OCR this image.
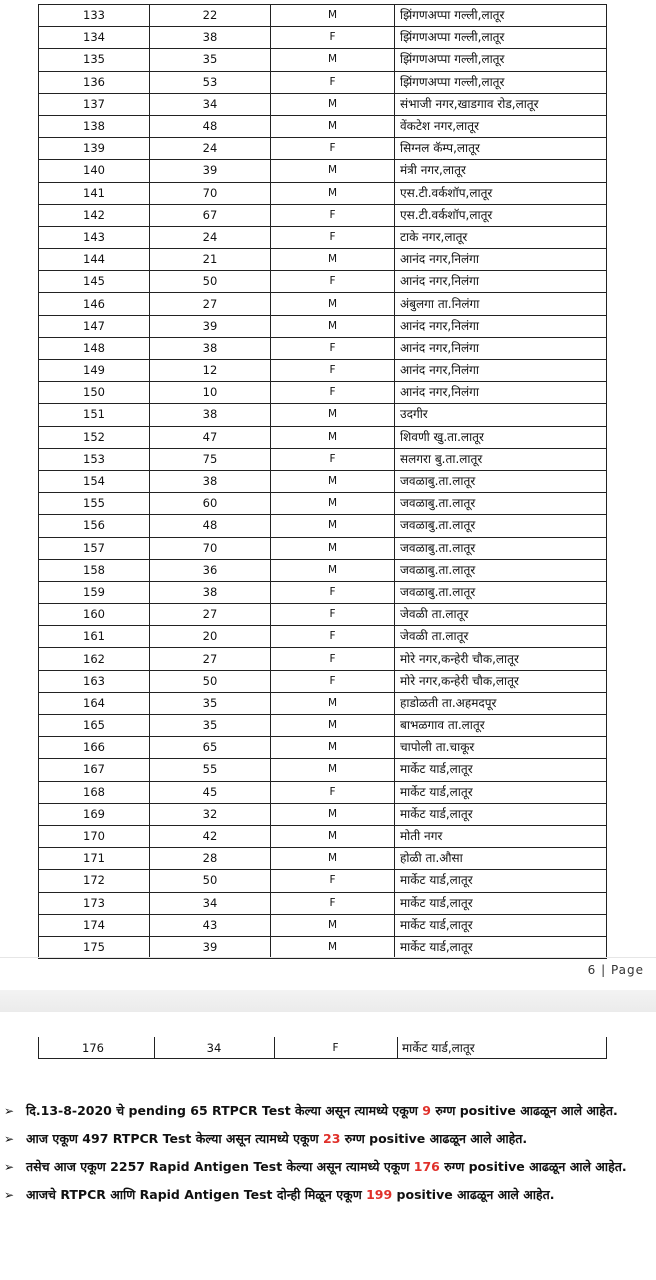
133	22	M	झिंगणअप्पा गल्ली,लातूर
134	38	F	झिंगणअप्पा गल्ली,लातूर
135	35	M	झिंगणअप्पा गल्ली,लातूर
136	53	F	झिंगणअप्पा गल्ली,लातूर
137	34	M	संभाजी नगर,खाडगाव रोड,लातूर
138	48	M	वेंकटेश नगर,लातूर
139	24	F	सिग्नल कॅम्प,लातूर
140	39	M	मंत्री नगर,लातूर
141	70	M	एस.टी.वर्कशॉप,लातूर
142	67	F	एस.टी.वर्कशॉप,लातूर
143	24	F	टाके नगर,लातूर
144	21	M	आनंद नगर,निलंगा
145	50	F	आनंद नगर,निलंगा
146	27	M	अंबुलगा ता.निलंगा
147	39	M	आनंद नगर,निलंगा
148	38	F	आनंद नगर,निलंगा
149	12	F	आनंद नगर,निलंगा
150	10	F	आनंद नगर,निलंगा
151	38	M	उदगीर
152	47	M	शिवणी खु.ता.लातूर
153	75	F	सलगरा बु.ता.लातूर
154	38	M	जवळाबु.ता.लातूर
155	60	M	जवळाबु.ता.लातूर
156	48	M	जवळाबु.ता.लातूर
157	70	M	जवळाबु.ता.लातूर
158	36	M	जवळाबु.ता.लातूर
159	38	F	जवळाबु.ता.लातूर
160	27	F	जेवळी ता.लातूर
161	20	F	जेवळी ता.लातूर
162	27	F	मोरे नगर,कन्हेरी चौक,लातूर
163	50	F	मोरे नगर,कन्हेरी चौक,लातूर
164	35	M	हाडोळती ता.अहमदपूर
165	35	M	बाभळगाव ता.लातूर
166	65	M	चापोली ता.चाकूर
167	55	M	मार्केट यार्ड,लातूर
168	45	F	मार्केट यार्ड,लातूर
169	32	M	मार्केट यार्ड,लातूर
170	42	M	मोती नगर
171	28	M	होळी ता.औसा
172	50	F	मार्केट यार्ड,लातूर
173	34	F	मार्केट यार्ड,लातूर
174	43	M	मार्केट यार्ड,लातूर
175	39	M	मार्केट यार्ड,लातूर
6 | Page
176	34	F	मार्केट यार्ड,लातूर
➢ दि.13-8-2020 चे pending 65 RTPCR Test केल्या असून त्यामध्ये एकूण 9 रुग्ण positive आढळून आले आहेत.
➢ आज एकूण 497 RTPCR Test केल्या असून त्यामध्ये एकूण 23 रुग्ण positive आढळून आले आहेत.
➢ तसेच आज एकूण 2257 Rapid Antigen Test केल्या असून त्यामध्ये एकूण 176 रुग्ण positive आढळून आले आहेत.
➢ आजचे RTPCR आणि Rapid Antigen Test दोन्ही मिळून एकूण 199 positive आढळून आले आहेत.
